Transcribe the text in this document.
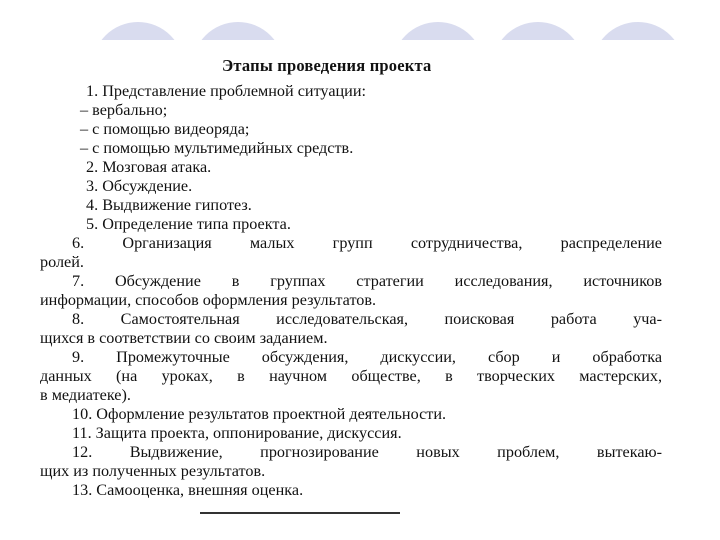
Этапы проведения проекта
1. Представление проблемной ситуации:
– вербально;
– с помощью видеоряда;
– с помощью мультимедийных средств.
2. Мозговая атака.
3. Обсуждение.
4. Выдвижение гипотез.
5. Определение типа проекта.
6. Организация малых групп сотрудничества, распределение
ролей.
7. Обсуждение в группах стратегии исследования, источников
информации, способов оформления результатов.
8. Самостоятельная исследовательская, поисковая работа уча-
щихся в соответствии со своим заданием.
9. Промежуточные обсуждения, дискуссии, сбор и обработка
данных (на уроках, в научном обществе, в творческих мастерских,
в медиатеке).
10. Оформление результатов проектной деятельности.
11. Защита проекта, оппонирование, дискуссия.
12. Выдвижение, прогнозирование новых проблем, вытекаю-
щих из полученных результатов.
13. Самооценка, внешняя оценка.
